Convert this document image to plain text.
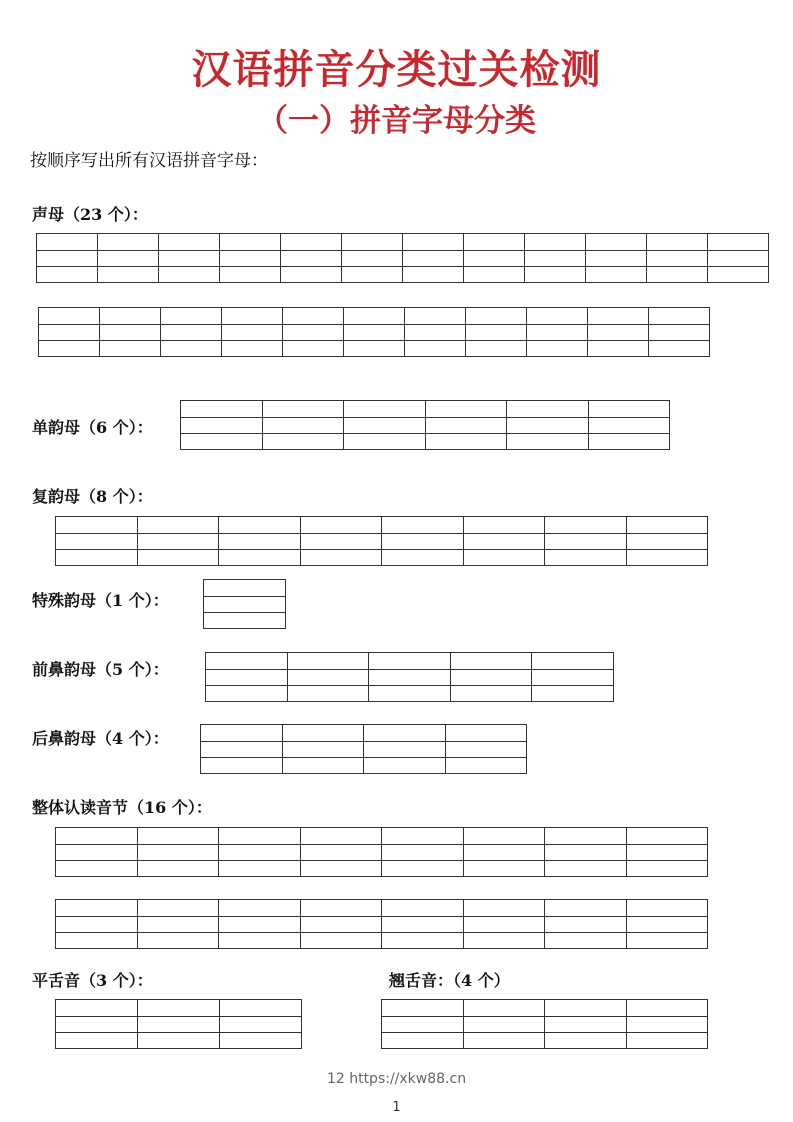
汉语拼音分类过关检测
（一）拼音字母分类
按顺序写出所有汉语拼音字母：
声母（23 个）：
单韵母（6 个）：
复韵母（8 个）：
特殊韵母（1 个）：
前鼻韵母（5 个）：
后鼻韵母（4 个）：
整体认读音节（16 个）：
平舌音（3 个）：	翘舌音：（4 个）
12 https://xkw88.cn
1
